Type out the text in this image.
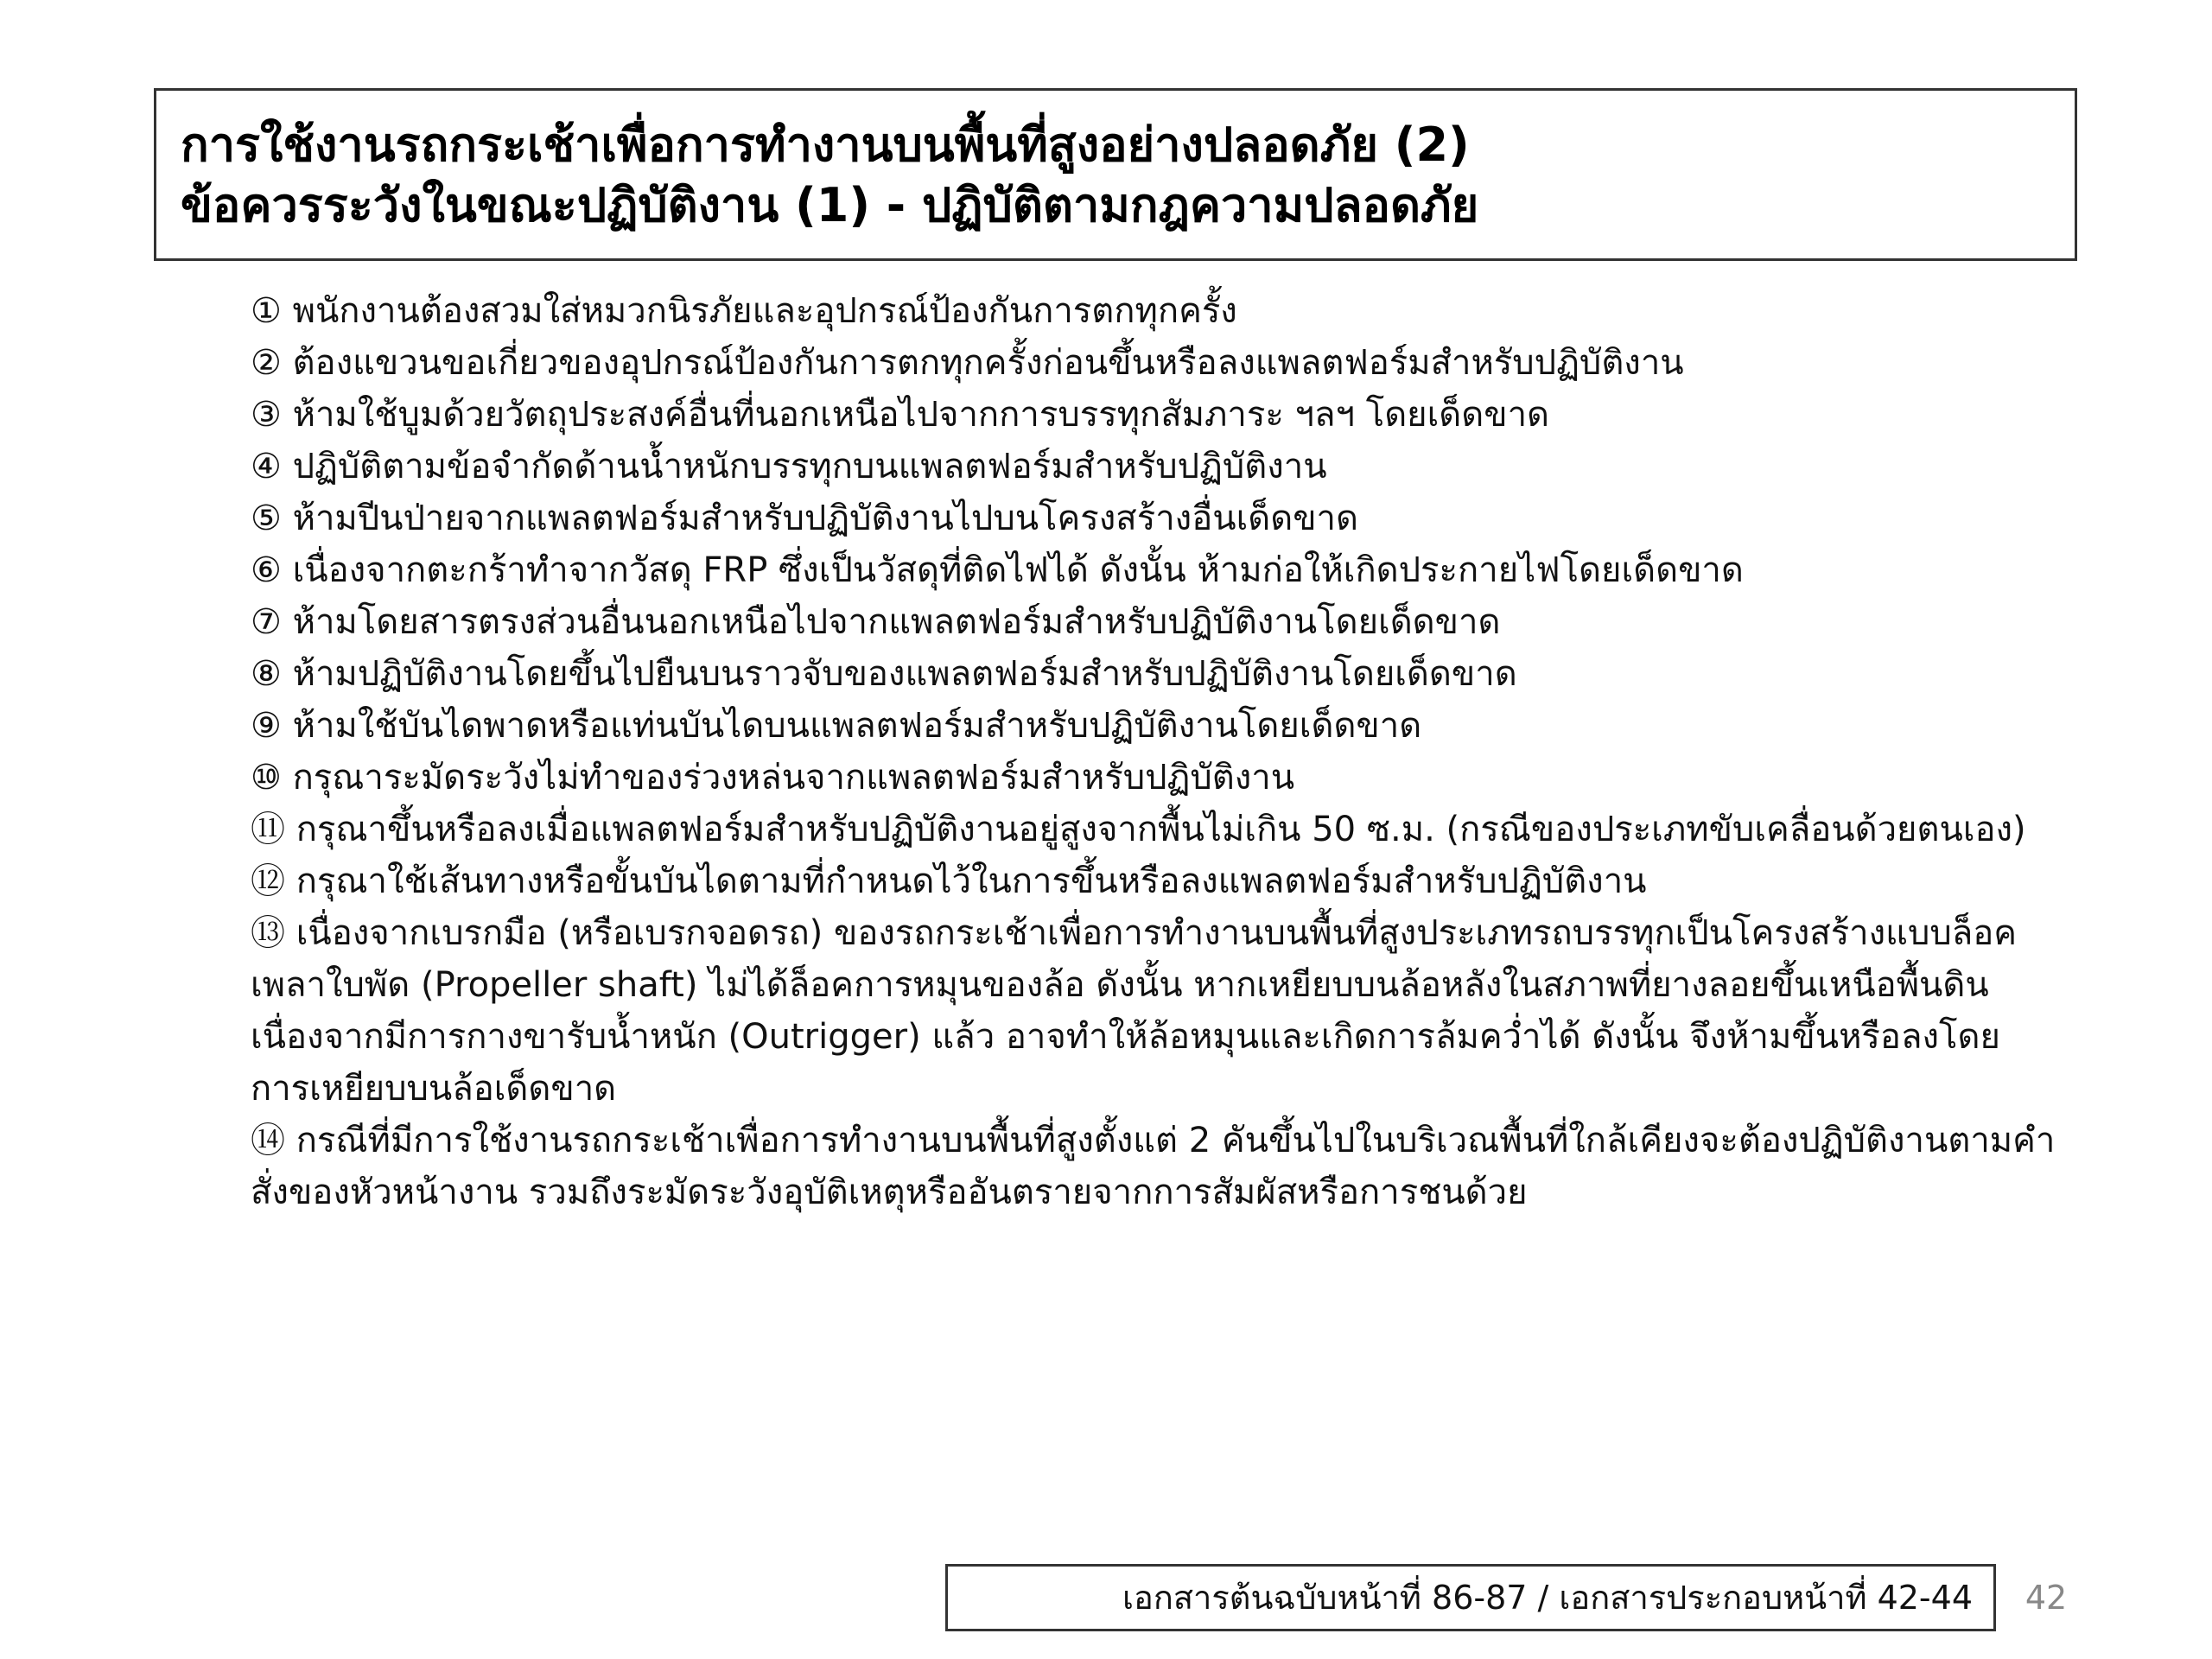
การใช้งานรถกระเช้าเพื่อการทำงานบนพื้นที่สูงอย่างปลอดภัย (2)
ข้อควรระวังในขณะปฏิบัติงาน (1) - ปฏิบัติตามกฎความปลอดภัย
① พนักงานต้องสวมใส่หมวกนิรภัยและอุปกรณ์ป้องกันการตกทุกครั้ง
② ต้องแขวนขอเกี่ยวของอุปกรณ์ป้องกันการตกทุกครั้งก่อนขึ้นหรือลงแพลตฟอร์มสำหรับปฏิบัติงาน
③ ห้ามใช้บูมด้วยวัตถุประสงค์อื่นที่นอกเหนือไปจากการบรรทุกสัมภาระ ฯลฯ โดยเด็ดขาด
④ ปฏิบัติตามข้อจำกัดด้านน้ำหนักบรรทุกบนแพลตฟอร์มสำหรับปฏิบัติงาน
⑤ ห้ามปีนป่ายจากแพลตฟอร์มสำหรับปฏิบัติงานไปบนโครงสร้างอื่นเด็ดขาด
⑥ เนื่องจากตะกร้าทำจากวัสดุ FRP ซึ่งเป็นวัสดุที่ติดไฟได้ ดังนั้น ห้ามก่อให้เกิดประกายไฟโดยเด็ดขาด
⑦ ห้ามโดยสารตรงส่วนอื่นนอกเหนือไปจากแพลตฟอร์มสำหรับปฏิบัติงานโดยเด็ดขาด
⑧ ห้ามปฏิบัติงานโดยขึ้นไปยืนบนราวจับของแพลตฟอร์มสำหรับปฏิบัติงานโดยเด็ดขาด
⑨ ห้ามใช้บันไดพาดหรือแท่นบันไดบนแพลตฟอร์มสำหรับปฏิบัติงานโดยเด็ดขาด
⑩ กรุณาระมัดระวังไม่ทำของร่วงหล่นจากแพลตฟอร์มสำหรับปฏิบัติงาน
⑪ กรุณาขึ้นหรือลงเมื่อแพลตฟอร์มสำหรับปฏิบัติงานอยู่สูงจากพื้นไม่เกิน 50 ซ.ม. (กรณีของประเภทขับเคลื่อนด้วยตนเอง)
⑫ กรุณาใช้เส้นทางหรือขั้นบันไดตามที่กำหนดไว้ในการขึ้นหรือลงแพลตฟอร์มสำหรับปฏิบัติงาน
⑬ เนื่องจากเบรกมือ (หรือเบรกจอดรถ) ของรถกระเช้าเพื่อการทำงานบนพื้นที่สูงประเภทรถบรรทุกเป็นโครงสร้างแบบล็อคเพลาใบพัด (Propeller shaft) ไม่ได้ล็อคการหมุนของล้อ ดังนั้น หากเหยียบบนล้อหลังในสภาพที่ยางลอยขึ้นเหนือพื้นดินเนื่องจากมีการกางขารับน้ำหนัก (Outrigger) แล้ว อาจทำให้ล้อหมุนและเกิดการล้มคว่ำได้ ดังนั้น จึงห้ามขึ้นหรือลงโดยการเหยียบบนล้อเด็ดขาด
⑭ กรณีที่มีการใช้งานรถกระเช้าเพื่อการทำงานบนพื้นที่สูงตั้งแต่ 2 คันขึ้นไปในบริเวณพื้นที่ใกล้เคียงจะต้องปฏิบัติงานตามคำสั่งของหัวหน้างาน รวมถึงระมัดระวังอุบัติเหตุหรืออันตรายจากการสัมผัสหรือการชนด้วย
เอกสารต้นฉบับหน้าที่ 86-87 / เอกสารประกอบหน้าที่ 42-44	42
